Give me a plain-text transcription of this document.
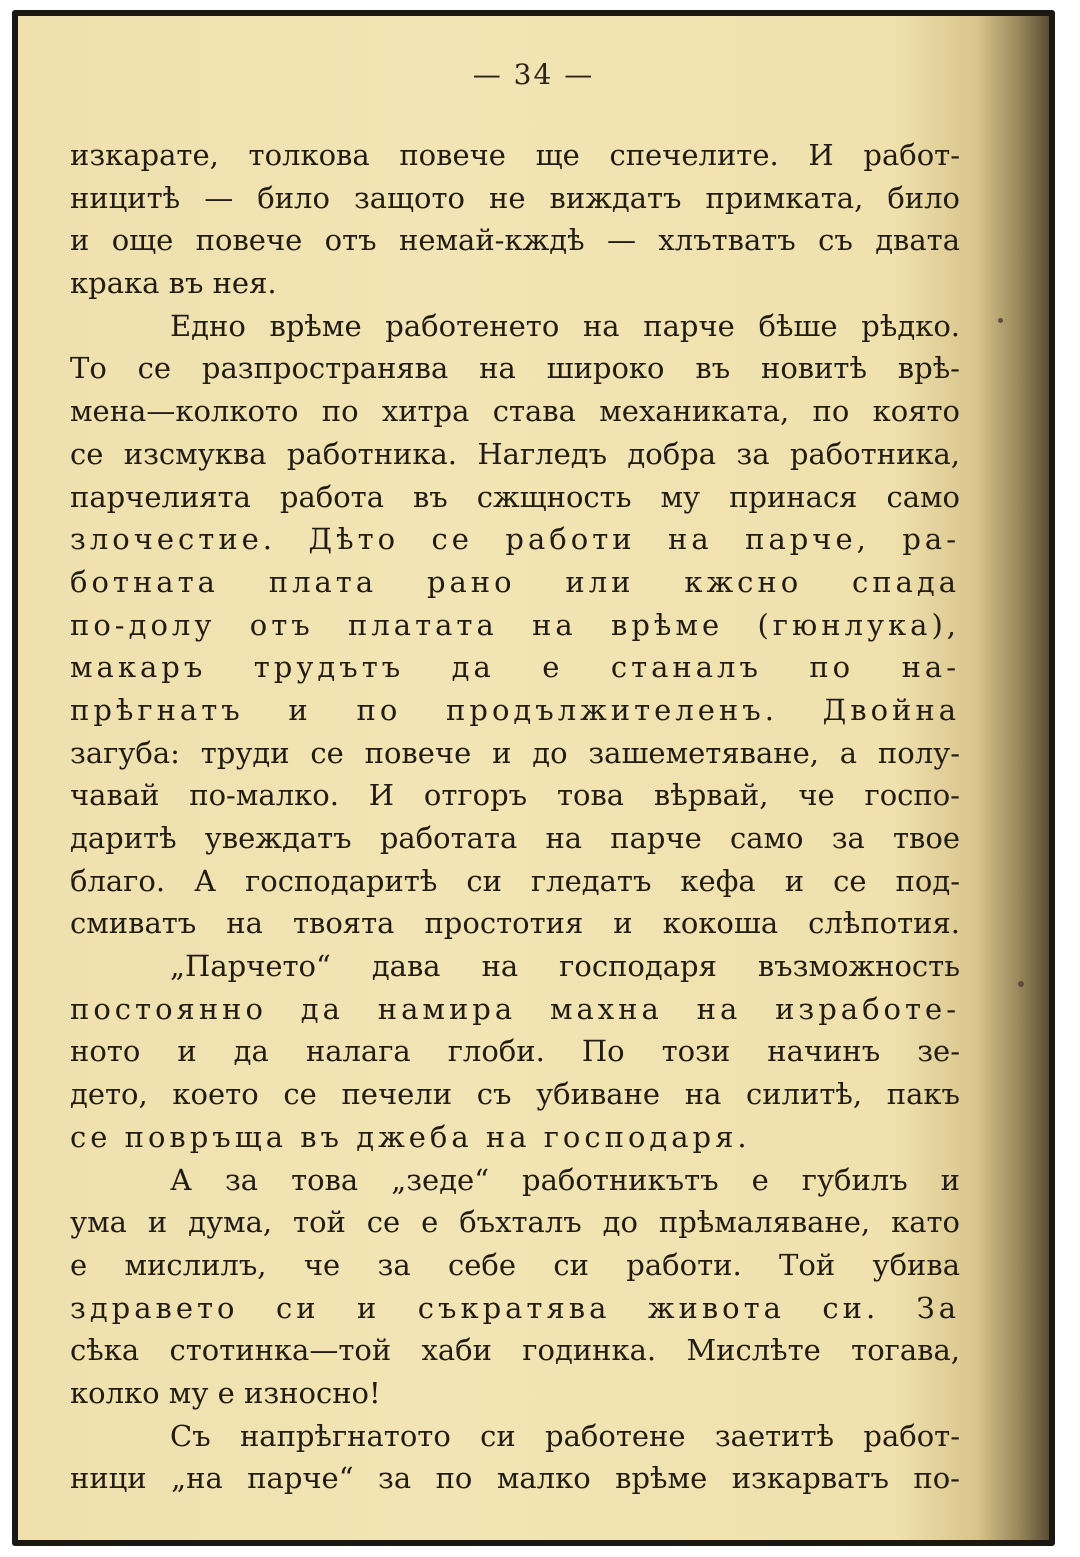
— 34 —
изкарате, толкова повече ще спечелите. И работ-
ницитѣ — било защото не виждатъ примката, било
и още повече отъ немай-кждѣ — хлътватъ съ двата
крака въ нея.
Едно врѣме работенето на парче бѣше рѣдко.
То се разпространява на широко въ новитѣ врѣ-
мена—колкото по хитра става механиката, по която
се изсмуква работника. Нагледъ добра за работника,
парчелията работа въ сжщность му принася само
злочестие. Дѣто се работи на парче, ра-
ботната плата рано или кжсно спада
по-долу отъ платата на врѣме (гюнлука),
макаръ трудътъ да е станалъ по на-
прѣгнатъ и по продължителенъ. Двойна
загуба: труди се повече и до зашеметяване, а полу-
чавай по-малко. И отгоръ това вѣрвай, че госпо-
даритѣ увеждатъ работата на парче само за твое
благо. А господаритѣ си гледатъ кефа и се под-
смиватъ на твоята простотия и кокоша слѣпотия.
„Парчето“ дава на господаря възможность
постоянно да намира махна на изработе-
ното и да налага глоби. По този начинъ зе-
дето, което се печели съ убиване на силитѣ, пакъ
се повръща въ джеба на господаря.
А за това „зеде“ работникътъ е губилъ и
ума и дума, той се е бъхталъ до прѣмаляване, като
е мислилъ, че за себе си работи. Той убива
здравето си и съкратява живота си. За
сѣка стотинка—той хаби годинка. Мислѣте тогава,
колко му е износно!
Съ напрѣгнатото си работене заетитѣ работ-
ници „на парче“ за по малко врѣме изкарватъ по-
